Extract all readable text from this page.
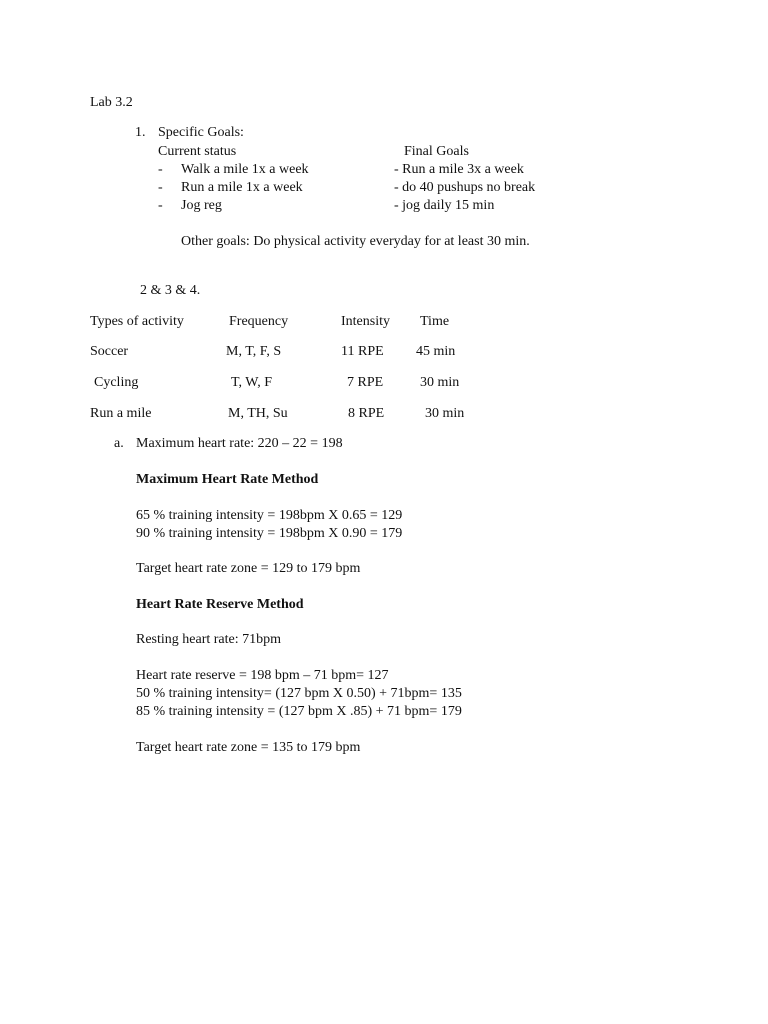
Lab 3.2
1. Specific Goals:
Current status	Final Goals
- Walk a mile 1x a week	- Run a mile 3x a week
- Run a mile 1x a week	- do 40 pushups no break
- Jog reg	- jog daily 15 min
Other goals: Do physical activity everyday for at least 30 min.
2 & 3 & 4.
Types of activity	Frequency	Intensity Time
Soccer	M, T, F, S	11 RPE 45 min
Cycling	T, W, F	7 RPE	30 min
Run a mile	M, TH, Su	8 RPE	30 min
a. Maximum heart rate: 220 – 22 = 198
Maximum Heart Rate Method
65 % training intensity = 198bpm X 0.65 = 129
90 % training intensity = 198bpm X 0.90 = 179
Target heart rate zone = 129 to 179 bpm
Heart Rate Reserve Method
Resting heart rate: 71bpm
Heart rate reserve = 198 bpm – 71 bpm= 127
50 % training intensity= (127 bpm X 0.50) + 71bpm= 135
85 % training intensity = (127 bpm X .85) + 71 bpm= 179
Target heart rate zone = 135 to 179 bpm
